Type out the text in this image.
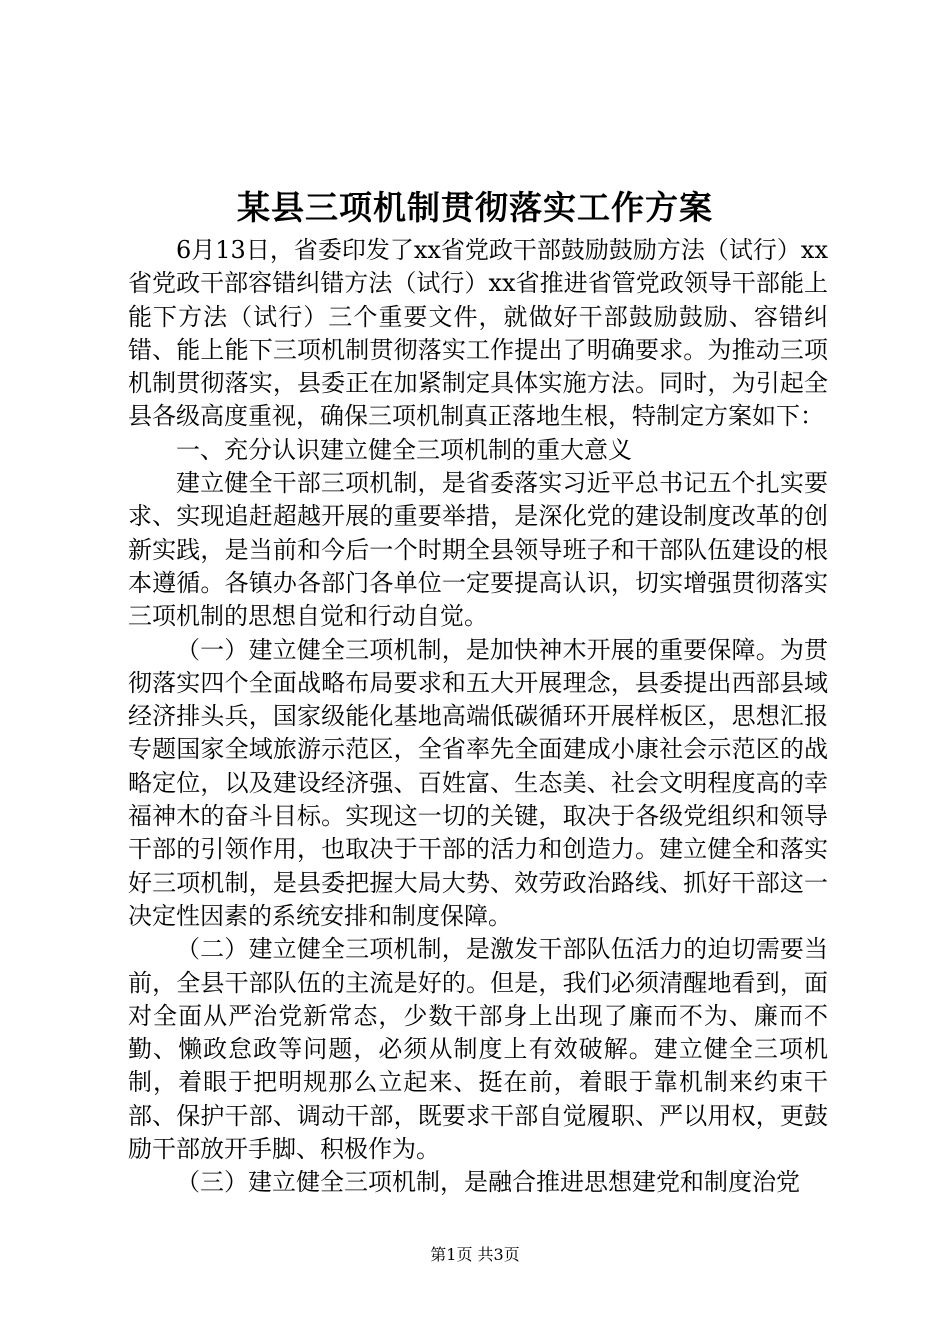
某县三项机制贯彻落实工作方案

6月13日，省委印发了xx省党政干部鼓励鼓励方法（试行）xx省党政干部容错纠错方法（试行）xx省推进省管党政领导干部能上能下方法（试行）三个重要文件，就做好干部鼓励鼓励、容错纠错、能上能下三项机制贯彻落实工作提出了明确要求。为推动三项机制贯彻落实，县委正在加紧制定具体实施方法。同时，为引起全县各级高度重视，确保三项机制真正落地生根，特制定方案如下：

一、充分认识建立健全三项机制的重大意义

建立健全干部三项机制，是省委落实习近平总书记五个扎实要求、实现追赶超越开展的重要举措，是深化党的建设制度改革的创新实践，是当前和今后一个时期全县领导班子和干部队伍建设的根本遵循。各镇办各部门各单位一定要提高认识，切实增强贯彻落实三项机制的思想自觉和行动自觉。

（一）建立健全三项机制，是加快神木开展的重要保障。为贯彻落实四个全面战略布局要求和五大开展理念，县委提出西部县域经济排头兵，国家级能化基地高端低碳循环开展样板区，思想汇报专题国家全域旅游示范区，全省率先全面建成小康社会示范区的战略定位，以及建设经济强、百姓富、生态美、社会文明程度高的幸福神木的奋斗目标。实现这一切的关键，取决于各级党组织和领导干部的引领作用，也取决于干部的活力和创造力。建立健全和落实好三项机制，是县委把握大局大势、效劳政治路线、抓好干部这一决定性因素的系统安排和制度保障。

（二）建立健全三项机制，是激发干部队伍活力的迫切需要当前，全县干部队伍的主流是好的。但是，我们必须清醒地看到，面对全面从严治党新常态，少数干部身上出现了廉而不为、廉而不勤、懒政怠政等问题，必须从制度上有效破解。建立健全三项机制，着眼于把明规那么立起来、挺在前，着眼于靠机制来约束干部、保护干部、调动干部，既要求干部自觉履职、严以用权，更鼓励干部放开手脚、积极作为。

（三）建立健全三项机制，是融合推进思想建党和制度治党

第1页 共3页
